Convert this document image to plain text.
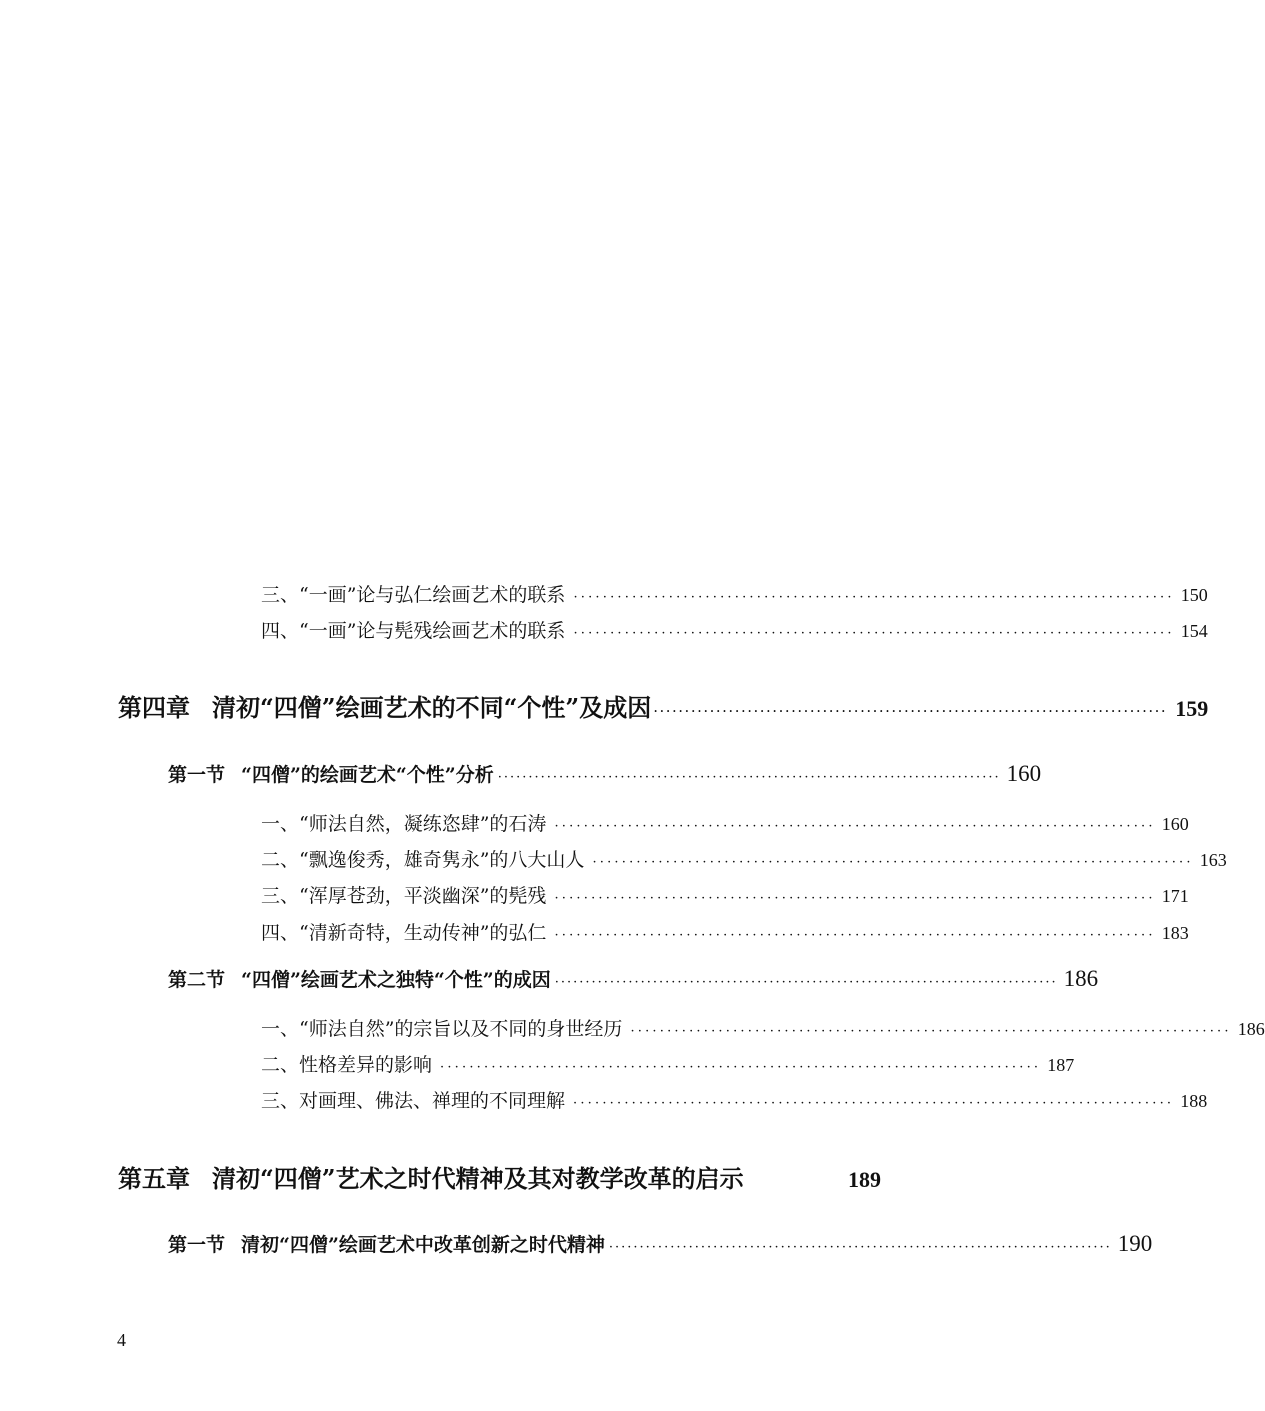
三、“一画”论与弘仁绘画艺术的联系 ·················································································· 150
四、“一画”论与髡残绘画艺术的联系 ·················································································· 154
第四章 清初“四僧”绘画艺术的不同“个性”及成因 ·················································································· 159
第一节 “四僧”的绘画艺术“个性”分析 ·················································································· 160
一、“师法自然，凝练恣肆”的石涛 ·················································································· 160
二、“飘逸俊秀，雄奇隽永”的八大山人 ·················································································· 163
三、“浑厚苍劲，平淡幽深”的髡残 ·················································································· 171
四、“清新奇特，生动传神”的弘仁 ·················································································· 183
第二节 “四僧”绘画艺术之独特“个性”的成因 ·················································································· 186
一、“师法自然”的宗旨以及不同的身世经历 ·················································································· 186
二、性格差异的影响 ·················································································· 187
三、对画理、佛法、禅理的不同理解 ·················································································· 188
第五章 清初“四僧”艺术之时代精神及其对教学改革的启示	189
第一节 清初“四僧”绘画艺术中改革创新之时代精神 ·················································································· 190
4
